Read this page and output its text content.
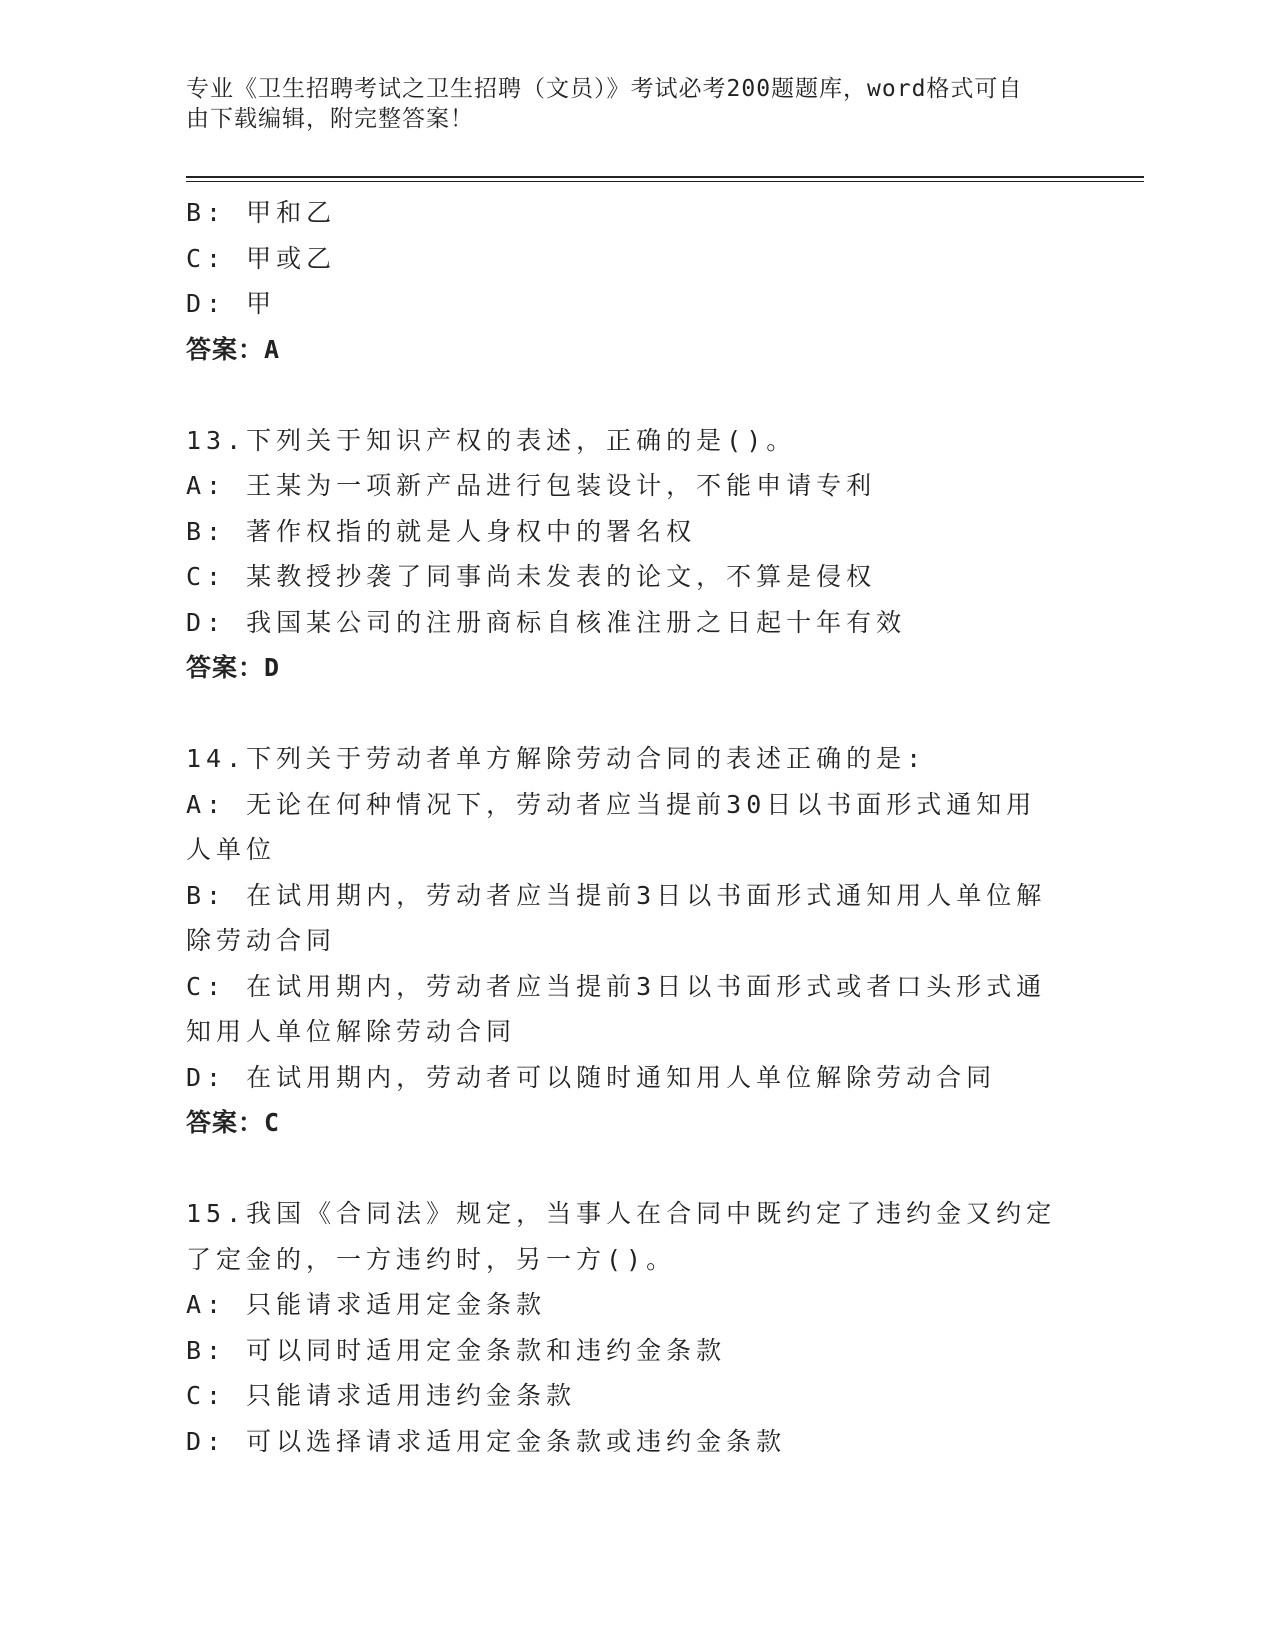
专业《卫生招聘考试之卫生招聘（文员）》考试必考200题题库，word格式可自
由下载编辑，附完整答案！
B: 甲和乙
C: 甲或乙
D: 甲
答案：A
13.下列关于知识产权的表述，正确的是()。
A: 王某为一项新产品进行包装设计，不能申请专利
B: 著作权指的就是人身权中的署名权
C: 某教授抄袭了同事尚未发表的论文，不算是侵权
D: 我国某公司的注册商标自核准注册之日起十年有效
答案：D
14.下列关于劳动者单方解除劳动合同的表述正确的是:
A: 无论在何种情况下，劳动者应当提前30日以书面形式通知用人单位
B: 在试用期内，劳动者应当提前3日以书面形式通知用人单位解除劳动合同
C: 在试用期内，劳动者应当提前3日以书面形式或者口头形式通知用人单位解除劳动合同
D: 在试用期内，劳动者可以随时通知用人单位解除劳动合同
答案：C
15.我国《合同法》规定，当事人在合同中既约定了违约金又约定了定金的，一方违约时，另一方()。
A: 只能请求适用定金条款
B: 可以同时适用定金条款和违约金条款
C: 只能请求适用违约金条款
D: 可以选择请求适用定金条款或违约金条款
